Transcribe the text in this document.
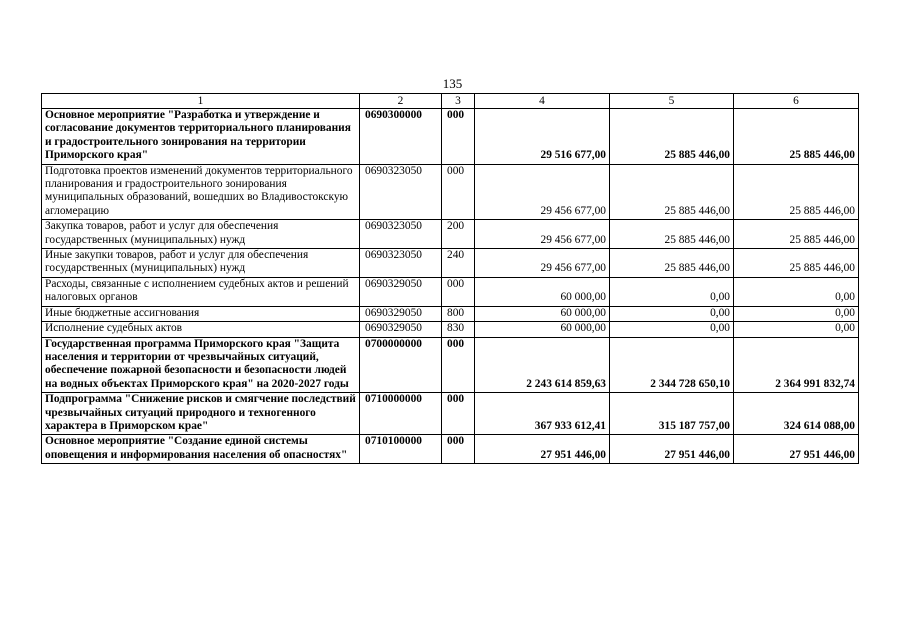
135
1	2	3	4	5	6
Основное мероприятие "Разработка и утверждение и согласование документов территориального планирования и градостроительного зонирования на территории Приморского края"	0690300000	000	29 516 677,00	25 885 446,00	25 885 446,00
Подготовка проектов изменений документов территориального планирования и градостроительного зонирования муниципальных образований, вошедших во Владивостокскую агломерацию	0690323050	000	29 456 677,00	25 885 446,00	25 885 446,00
Закупка товаров, работ и услуг для обеспечения государственных (муниципальных) нужд	0690323050	200	29 456 677,00	25 885 446,00	25 885 446,00
Иные закупки товаров, работ и услуг для обеспечения государственных (муниципальных) нужд	0690323050	240	29 456 677,00	25 885 446,00	25 885 446,00
Расходы, связанные с исполнением судебных актов и решений налоговых органов	0690329050	000	60 000,00	0,00	0,00
Иные бюджетные ассигнования	0690329050	800	60 000,00	0,00	0,00
Исполнение судебных актов	0690329050	830	60 000,00	0,00	0,00
Государственная программа Приморского края "Защита населения и территории от чрезвычайных ситуаций, обеспечение пожарной безопасности и безопасности людей на водных объектах Приморского края" на 2020-2027 годы	0700000000	000	2 243 614 859,63	2 344 728 650,10	2 364 991 832,74
Подпрограмма "Снижение рисков и смягчение последствий чрезвычайных ситуаций природного и техногенного характера в Приморском крае"	0710000000	000	367 933 612,41	315 187 757,00	324 614 088,00
Основное мероприятие "Создание единой системы оповещения и информирования населения об опасностях"	0710100000	000	27 951 446,00	27 951 446,00	27 951 446,00
